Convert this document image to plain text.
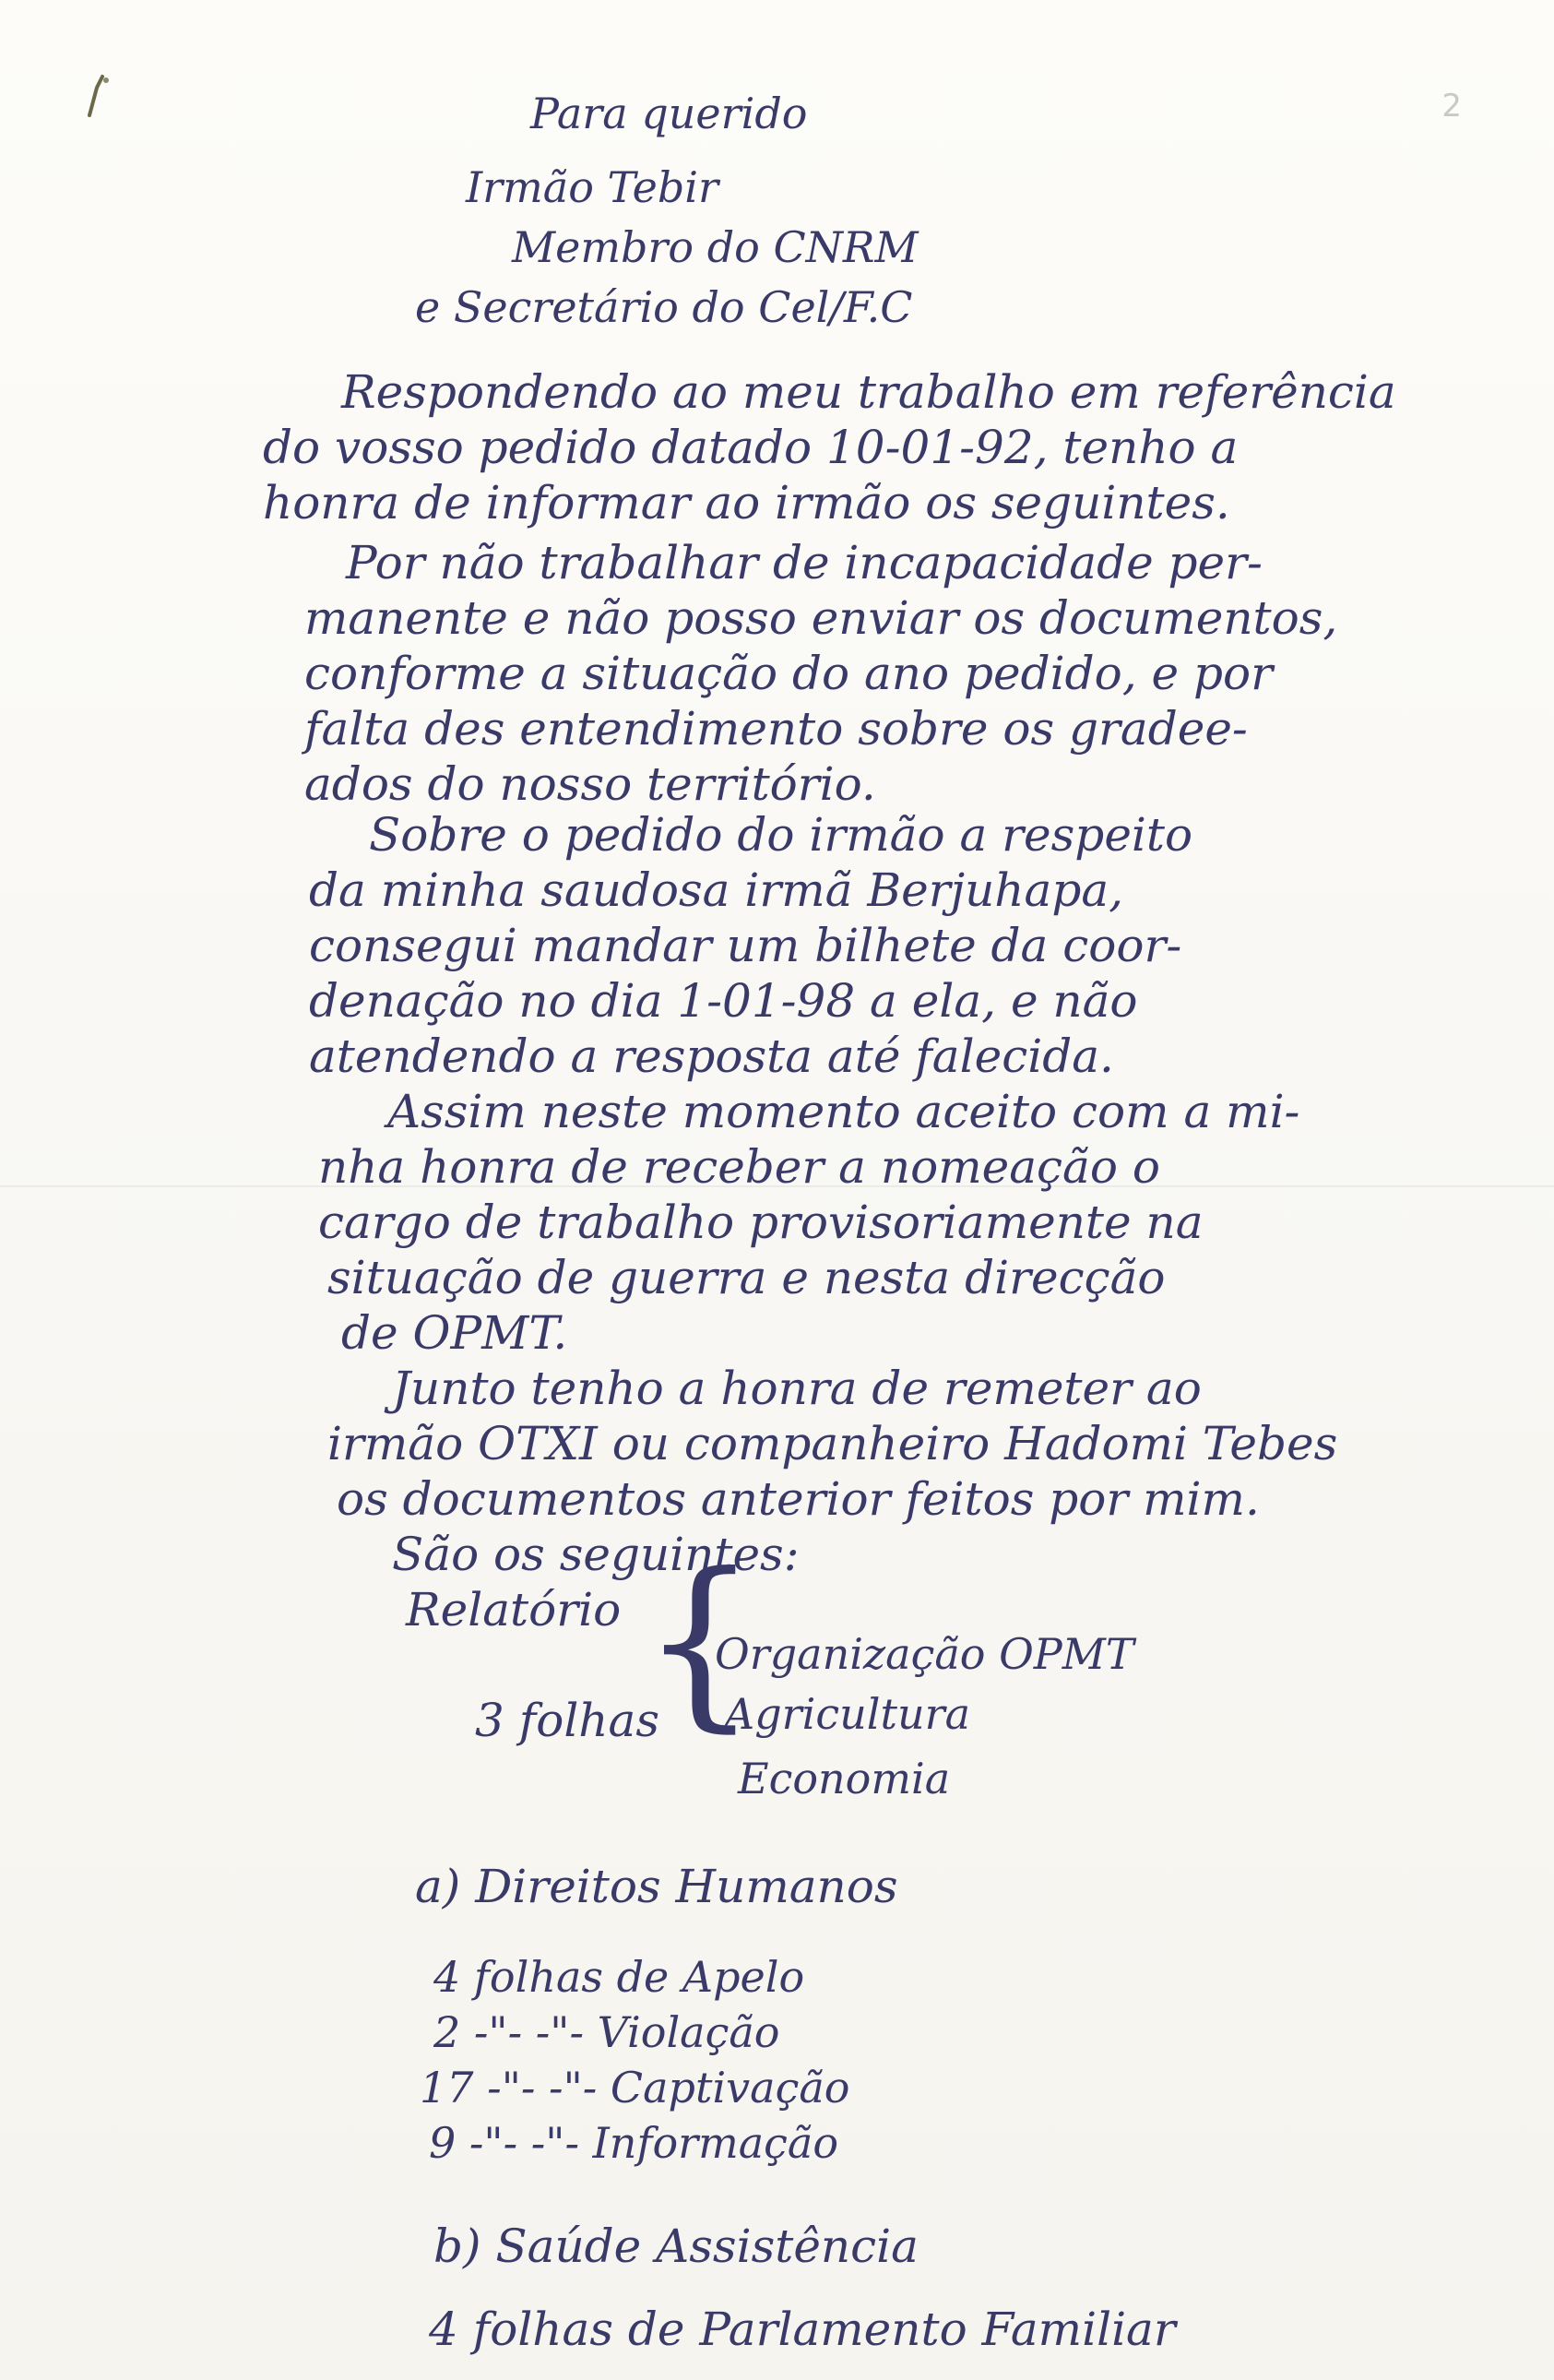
2
Para querido
Irmão Tebir
Membro do CNRM
e Secretário do Cel/F.C
Respondendo ao meu trabalho em referência
do vosso pedido datado 10-01-92, tenho a
honra de informar ao irmão os seguintes.
Por não trabalhar de incapacidade per-
manente e não posso enviar os documentos,
conforme a situação do ano pedido, e por
falta des entendimento sobre os gradee-
ados do nosso território.
Sobre o pedido do irmão a respeito
da minha saudosa irmã Berjuhapa,
consegui mandar um bilhete da coor-
denação no dia 1-01-98 a ela, e não
atendendo a resposta até falecida.
Assim neste momento aceito com a mi-
nha honra de receber a nomeação o
cargo de trabalho provisoriamente na
situação de guerra e nesta direcção
de OPMT.
Junto tenho a honra de remeter ao
irmão OTXI ou companheiro Hadomi Tebes
os documentos anterior feitos por mim.
São os seguintes:
Relatório
3 folhas
{
Organização OPMT
Agricultura
Economia
a) Direitos Humanos
4 folhas de Apelo
2 -"- -"- Violação
17 -"- -"- Captivação
9 -"- -"- Informação
b) Saúde Assistência
4 folhas de Parlamento Familiar
